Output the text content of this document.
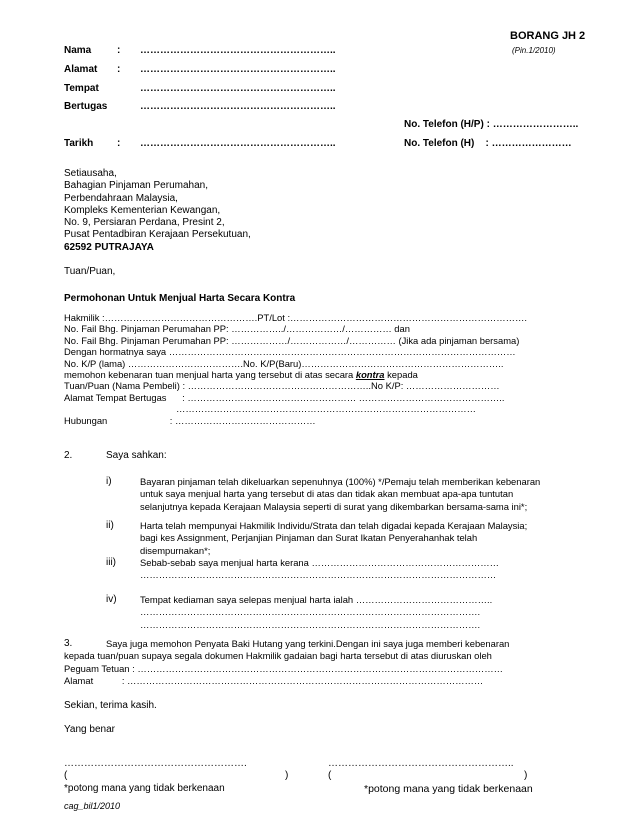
BORANG JH 2
(Pin.1/2010)
Nama	: …………………………………………………..
Alamat : …………………………………………………..
Tempat	…………………………………………………..
Bertugas	…………………………………………………..
No. Telefon (H/P) : ……………………..
Tarikh : …………………………………………………..	No. Telefon (H)    : ……………………
Setiausaha,
Bahagian Pinjaman Perumahan,
Perbendahraan Malaysia,
Kompleks Kementerian Kewangan,
No. 9, Persiaran Perdana, Presint 2,
Pusat Pentadbiran Kerajaan Persekutuan,
62592 PUTRAJAYA
Tuan/Puan,
Permohonan Untuk Menjual Harta Secara Kontra
Hakmilik :………………………………………….PT/Lot :………………………………………………………………….
No. Fail Bhg. Pinjaman Perumahan PP: ……………../………………/…………… dan
No. Fail Bhg. Pinjaman Perumahan PP: ………………/………………/…………… (Jika ada pinjaman bersama)
Dengan hormatnya saya …………………………………………………………………………………………………
No. K/P (lama) ……………………………….No. K/P(Baru)………………………………………………………..
memohon kebenaran tuan menjual harta yang tersebut di atas secara kontra kepada
Tuan/Puan (Nama Pembeli) : …………………………………………………..No K/P: …………………………
Alamat Tempat Bertugas      : ……………………………………………… ………………………………………..
……………………………………………………………………………………
Hubungan                        : ………………………………………
2.	Saya sahkan:
i)	Bayaran pinjaman telah dikeluarkan sepenuhnya (100%) */Pemaju telah memberikan kebenaran
untuk saya menjual harta yang tersebut di atas dan tidak akan membuat apa-apa tuntutan
selanjutnya kepada Kerajaan Malaysia seperti di surat yang dikembarkan bersama-sama ini*;
ii)	Harta telah mempunyai Hakmilik Individu/Strata dan telah digadai kepada Kerajaan Malaysia;
bagi kes Assignment, Perjanjian Pinjaman dan Surat Ikatan Penyerahanhak telah
disempurnakan*;
iii)	Sebab-sebab saya menjual harta kerana ……………………………………………………
……………………………………………………………………………………………………
iv) Tempat kediaman saya selepas menjual harta ialah ……………………………………..
……………………………………………………………………………………………….
……………………………………………………………………………………………….
3.	Saya juga memohon Penyata Baki Hutang yang terkini.Dengan ini saya juga memberi kebenaran
kepada tuan/puan supaya segala dokumen Hakmilik gadaian bagi harta tersebut di atas diuruskan oleh
Peguam Tetuan : ………………………………………………………………………………………………………
Alamat           : ……………………………………………………………………………………………………
Sekian, terima kasih.
Yang benar
……………………………………………….
(	)
*potong mana yang tidak berkenaan
………………………………………………..
(	)
*potong mana yang tidak berkenaan
cag_bil1/2010
